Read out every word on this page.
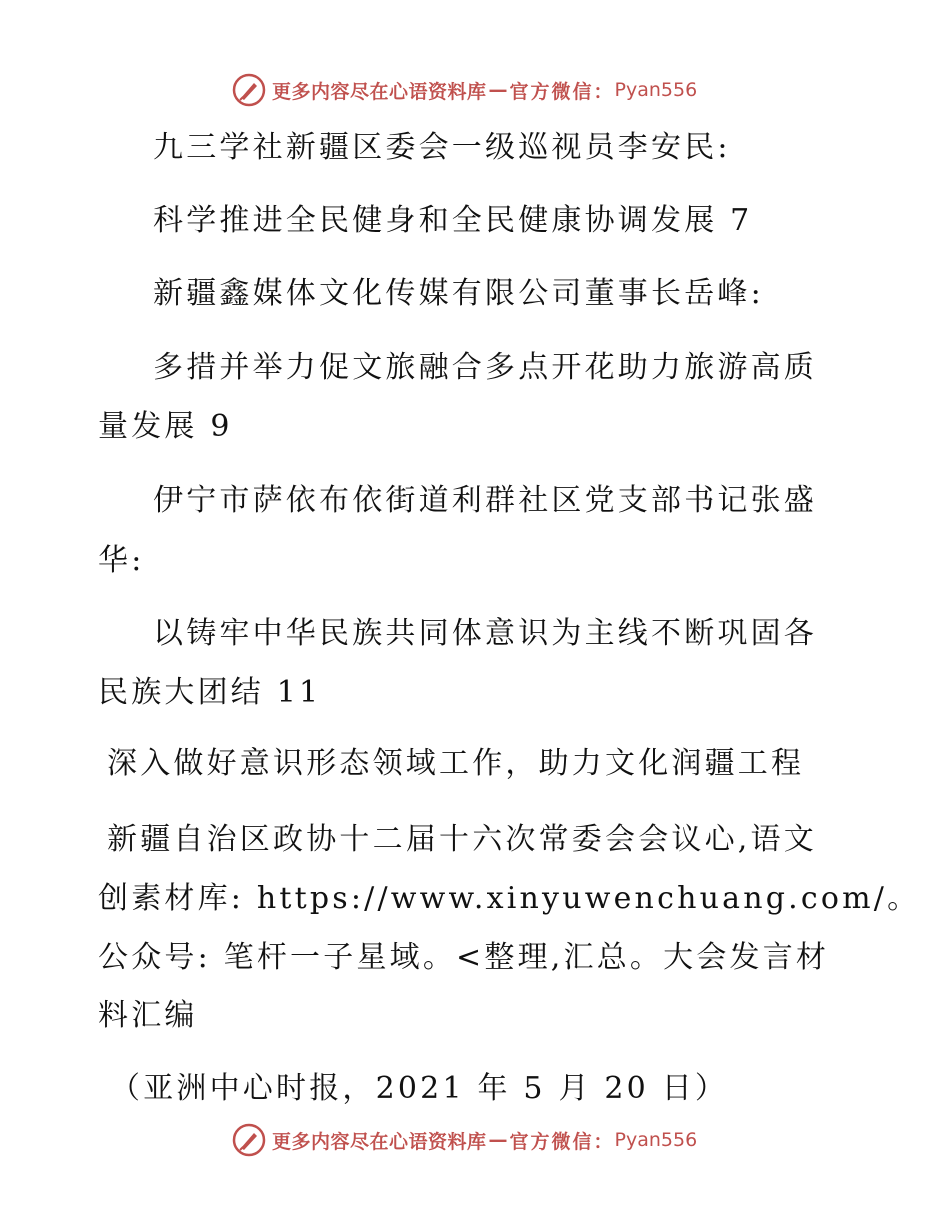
更多内容尽在心语资料库 — 官方微信： Pyan556
九三学社新疆区委会一级巡视员李安民:
科学推进全民健身和全民健康协调发展 7
新疆鑫媒体文化传媒有限公司董事长岳峰:
多措并举力促文旅融合多点开花助力旅游高质
量发展 9
伊宁市萨依布依街道利群社区党支部书记张盛
华:
以铸牢中华民族共同体意识为主线不断巩固各
民族大团结 11
深入做好意识形态领域工作，助力文化润疆工程
新疆自治区政协十二届十六次常委会会议心,语文
创素材库: https://www.xinyuwenchuang.com/。
公众号: 笔杆一子星域。<整理,汇总。大会发言材
料汇编
（亚洲中心时报，2021 年 5 月 20 日）
更多内容尽在心语资料库 — 官方微信： Pyan556
